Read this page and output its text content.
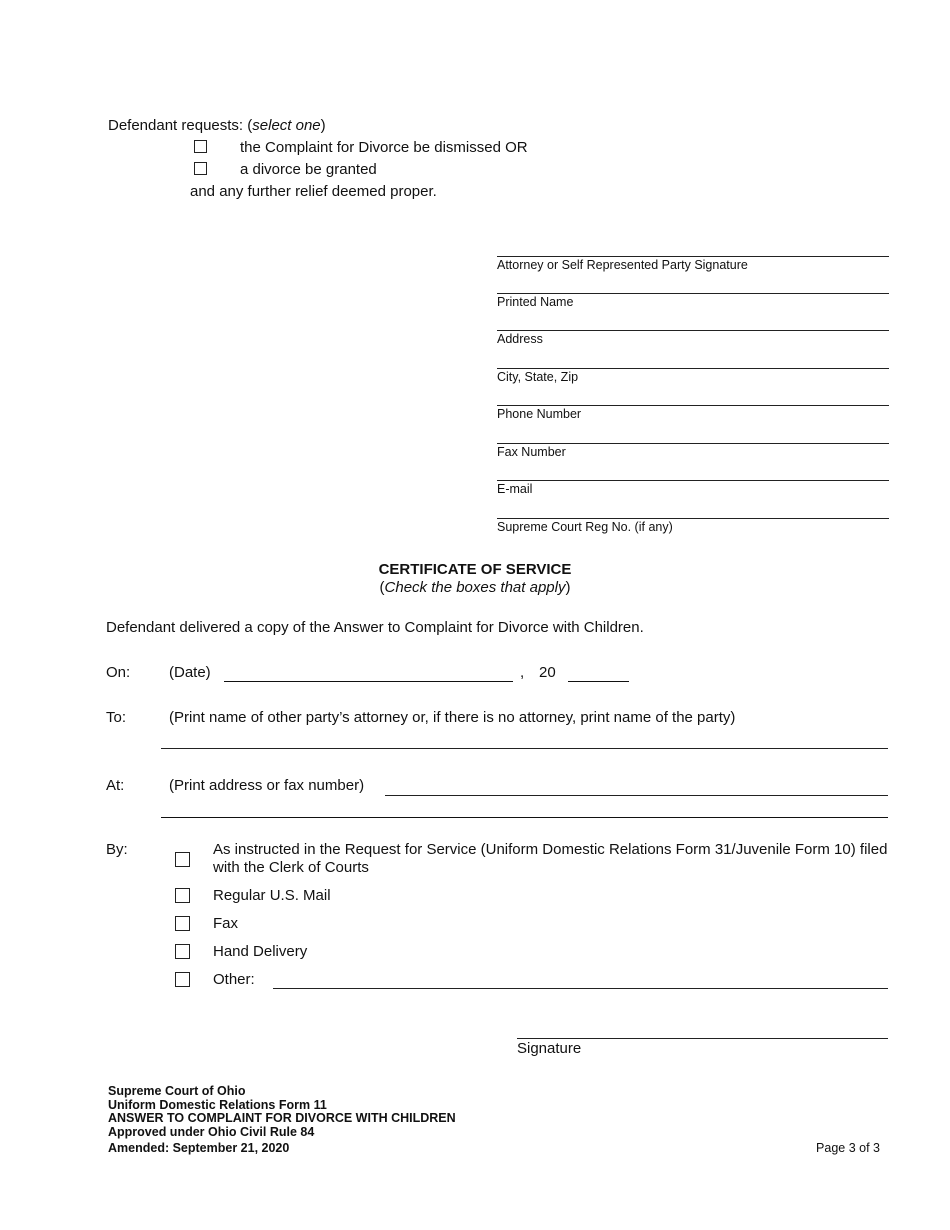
Defendant requests: (select one)
the Complaint for Divorce be dismissed OR
a divorce be granted
and any further relief deemed proper.
Attorney or Self Represented Party Signature
Printed Name
Address
City, State, Zip
Phone Number
Fax Number
E-mail
Supreme Court Reg No. (if any)
CERTIFICATE OF SERVICE
(Check the boxes that apply)
Defendant delivered a copy of the Answer to Complaint for Divorce with Children.
On:	(Date)	, 20
To:	(Print name of other party’s attorney or, if there is no attorney, print name of the party)
At:	(Print address or fax number)
By:	As instructed in the Request for Service (Uniform Domestic Relations Form 31/Juvenile Form 10) filed with the Clerk of Courts
Regular U.S. Mail
Fax
Hand Delivery
Other:
Signature
Supreme Court of Ohio
Uniform Domestic Relations Form 11
ANSWER TO COMPLAINT FOR DIVORCE WITH CHILDREN
Approved under Ohio Civil Rule 84
Amended: September 21, 2020	Page 3 of 3
